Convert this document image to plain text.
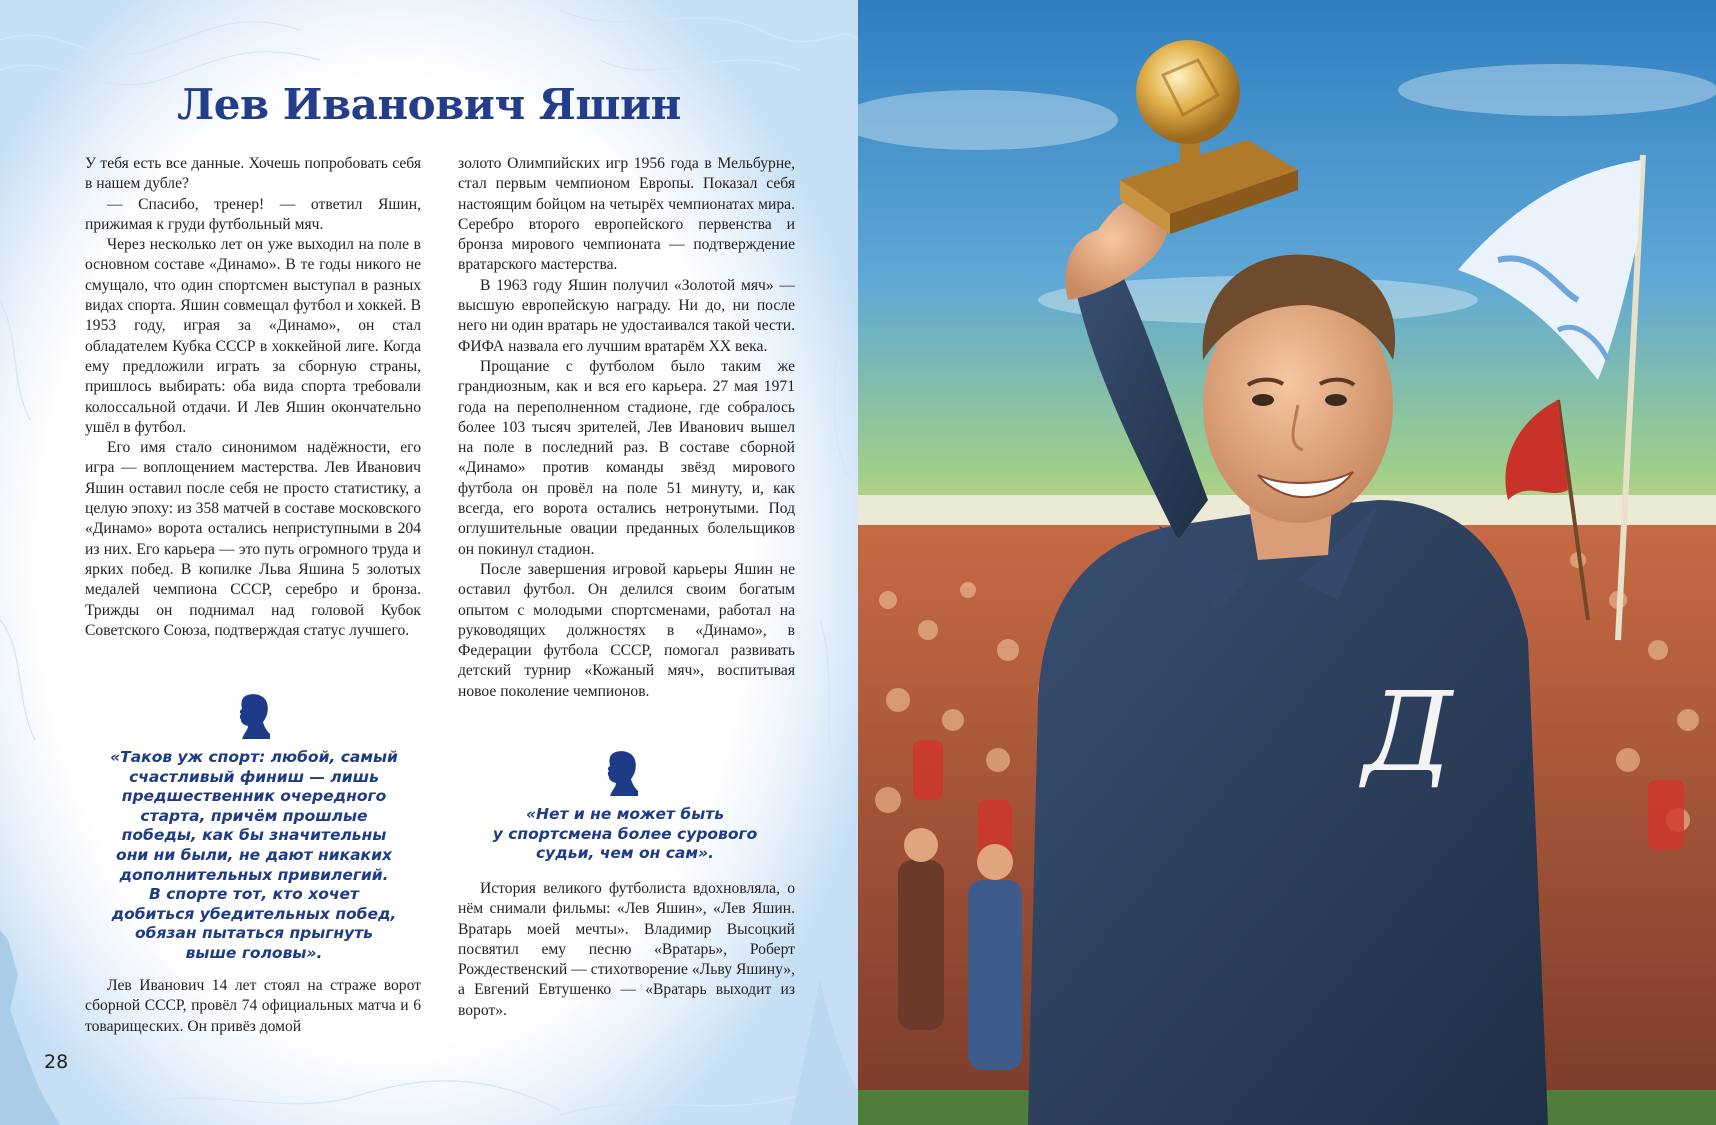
Лев Иванович Яшин

У тебя есть все данные. Хочешь попробовать себя в нашем дубле?

— Спасибо, тренер! — ответил Яшин, прижимая к груди футбольный мяч.

Через несколько лет он уже выходил на поле в основном составе «Динамо». В те годы никого не смущало, что один спортсмен выступал в разных видах спорта. Яшин совмещал футбол и хоккей. В 1953 году, играя за «Динамо», он стал обладателем Кубка СССР в хоккейной лиге. Когда ему предложили играть за сборную страны, пришлось выбирать: оба вида спорта требовали колоссальной отдачи. И Лев Яшин окончательно ушёл в футбол.

Его имя стало синонимом надёжности, его игра — воплощением мастерства. Лев Иванович Яшин оставил после себя не просто статистику, а целую эпоху: из 358 матчей в составе московского «Динамо» ворота остались неприступными в 204 из них. Его карьера — это путь огромного труда и ярких побед. В копилке Льва Яшина 5 золотых медалей чемпиона СССР, серебро и бронза. Трижды он поднимал над головой Кубок Советского Союза, подтверждая статус лучшего.

«Таков уж спорт: любой, самый
счастливый финиш — лишь
предшественник очередного
старта, причём прошлые
победы, как бы значительны
они ни были, не дают никаких
дополнительных привилегий.
В спорте тот, кто хочет
добиться убедительных побед,
обязан пытаться прыгнуть
выше головы».

Лев Иванович 14 лет стоял на страже ворот сборной СССР, провёл 74 официальных матча и 6 товарищеских. Он привёз домой

золото Олимпийских игр 1956 года в Мельбурне, стал первым чемпионом Европы. Показал себя настоящим бойцом на четырёх чемпионатах мира. Серебро второго европейского первенства и бронза мирового чемпионата — подтверждение вратарского мастерства.

В 1963 году Яшин получил «Золотой мяч» — высшую европейскую награду. Ни до, ни после него ни один вратарь не удостаивался такой чести. ФИФА назвала его лучшим вратарём XX века.

Прощание с футболом было таким же грандиозным, как и вся его карьера. 27 мая 1971 года на переполненном стадионе, где собралось более 103 тысяч зрителей, Лев Иванович вышел на поле в последний раз. В составе сборной «Динамо» против команды звёзд мирового футбола он провёл на поле 51 минуту, и, как всегда, его ворота остались нетронутыми. Под оглушительные овации преданных болельщиков он покинул стадион.

После завершения игровой карьеры Яшин не оставил футбол. Он делился своим богатым опытом с молодыми спортсменами, работал на руководящих должностях в «Динамо», в Федерации футбола СССР, помогал развивать детский турнир «Кожаный мяч», воспитывая новое поколение чемпионов.

«Нет и не может быть
у спортсмена более сурового
судьи, чем он сам».

История великого футболиста вдохновляла, о нём снимали фильмы: «Лев Яшин», «Лев Яшин. Вратарь моей мечты». Владимир Высоцкий посвятил ему песню «Вратарь», Роберт Рождественский — стихотворение «Льву Яшину», а Евгений Евтушенко — «Вратарь выходит из ворот».

28
Д
